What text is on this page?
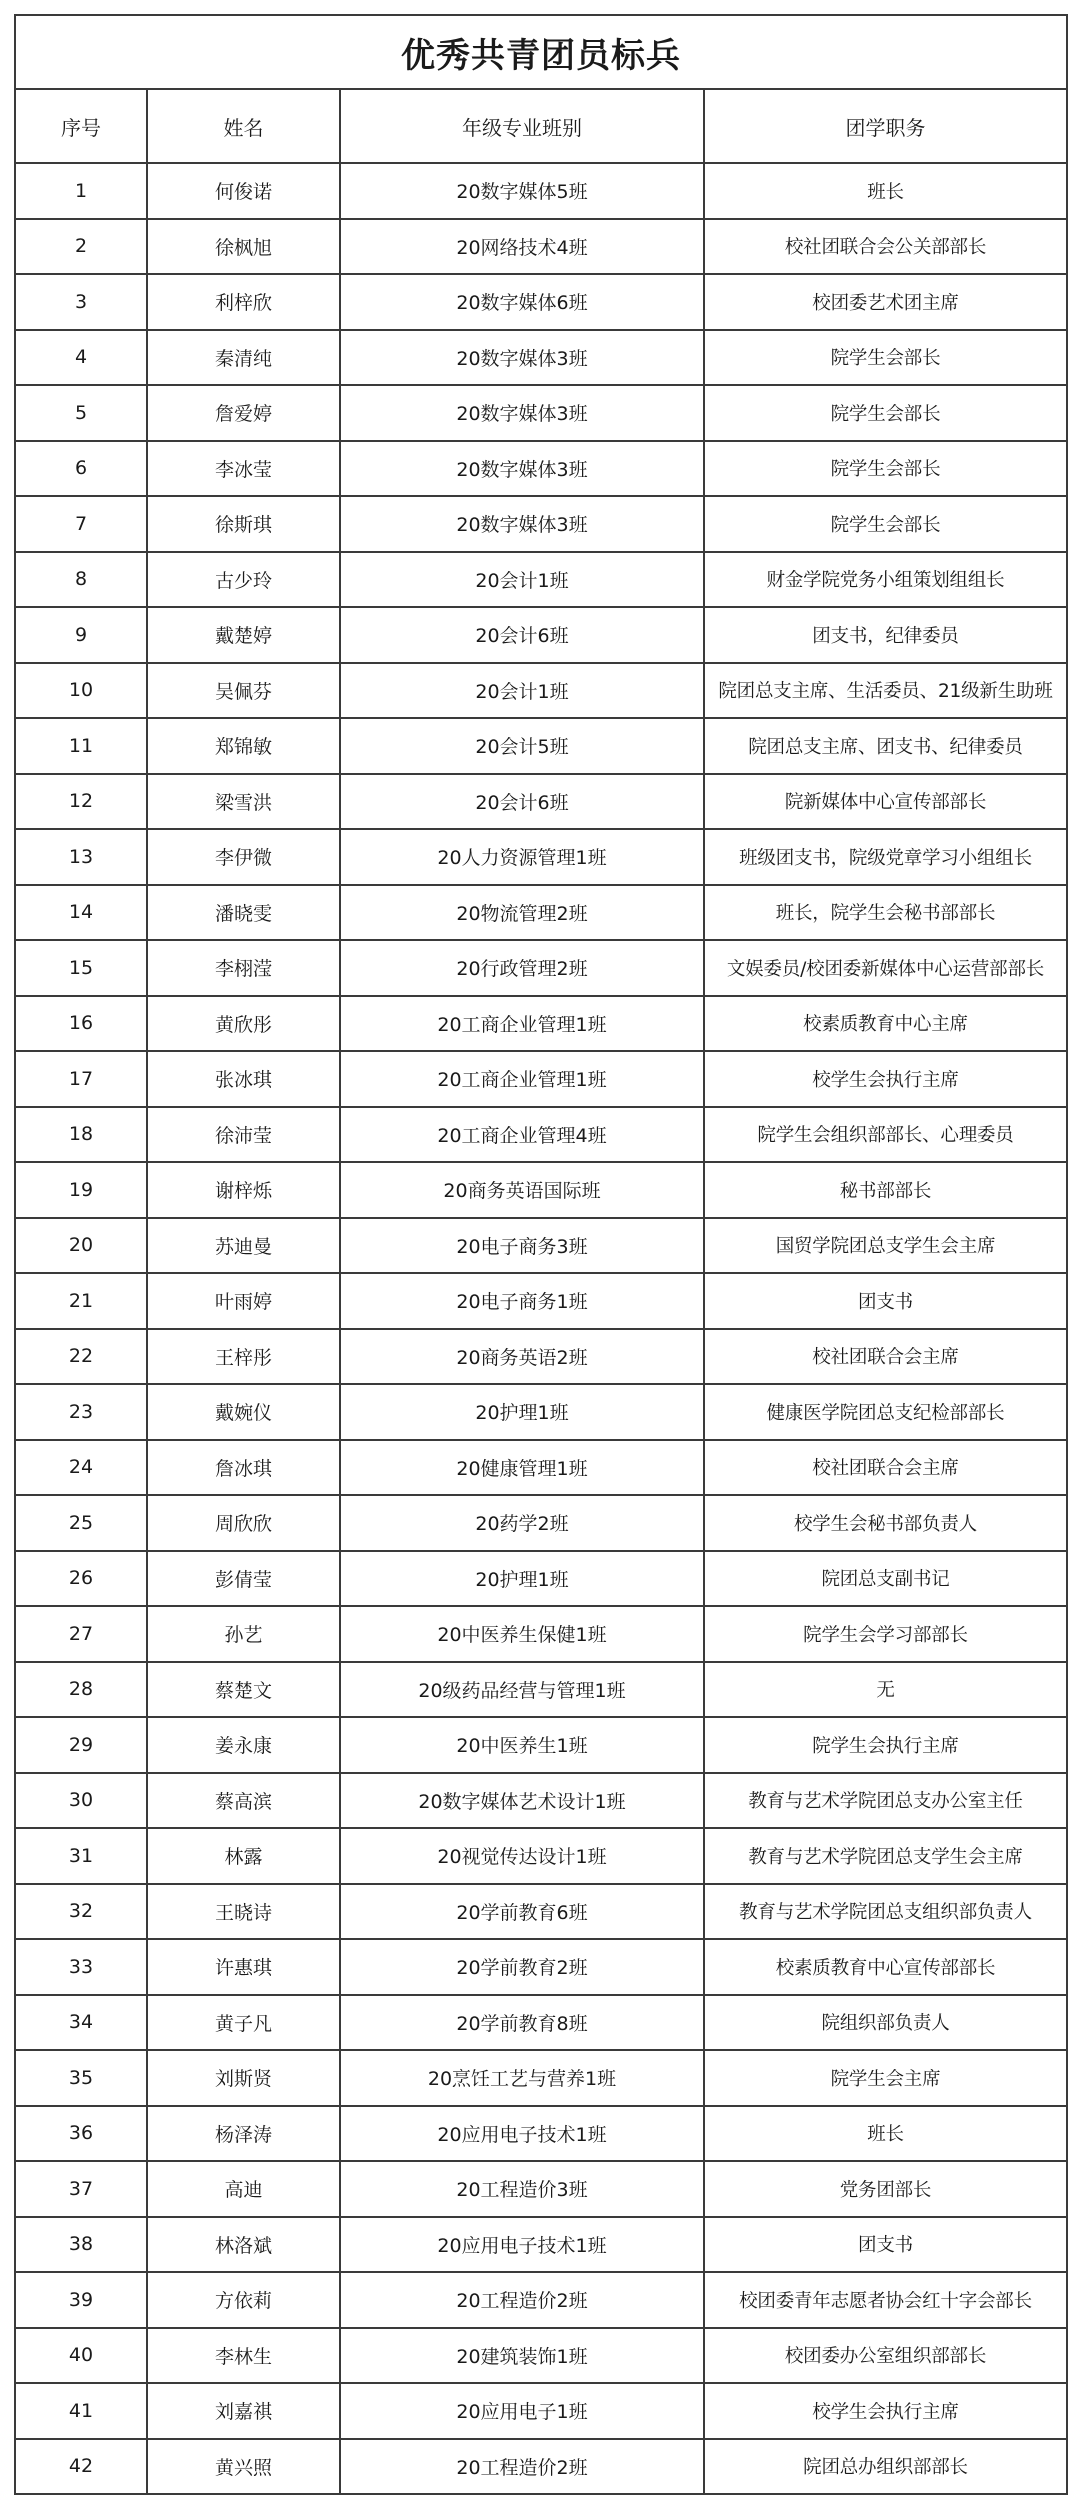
优秀共青团员标兵			
序号	姓名	年级专业班别	团学职务
1	何俊诺	20数字媒体5班	班长
2	徐枫旭	20网络技术4班	校社团联合会公关部部长
3	利梓欣	20数字媒体6班	校团委艺术团主席
4	秦清纯	20数字媒体3班	院学生会部长
5	詹爱婷	20数字媒体3班	院学生会部长
6	李冰莹	20数字媒体3班	院学生会部长
7	徐斯琪	20数字媒体3班	院学生会部长
8	古少玲	20会计1班	财金学院党务小组策划组组长
9	戴楚婷	20会计6班	团支书，纪律委员
10	吴佩芬	20会计1班	院团总支主席、生活委员、21级新生助班
11	郑锦敏	20会计5班	院团总支主席、团支书、纪律委员
12	梁雪洪	20会计6班	院新媒体中心宣传部部长
13	李伊微	20人力资源管理1班	班级团支书，院级党章学习小组组长
14	潘晓雯	20物流管理2班	班长，院学生会秘书部部长
15	李栩滢	20行政管理2班	文娱委员/校团委新媒体中心运营部部长
16	黄欣彤	20工商企业管理1班	校素质教育中心主席
17	张冰琪	20工商企业管理1班	校学生会执行主席
18	徐沛莹	20工商企业管理4班	院学生会组织部部长、心理委员
19	谢梓烁	20商务英语国际班	秘书部部长
20	苏迪曼	20电子商务3班	国贸学院团总支学生会主席
21	叶雨婷	20电子商务1班	团支书
22	王梓彤	20商务英语2班	校社团联合会主席
23	戴婉仪	20护理1班	健康医学院团总支纪检部部长
24	詹冰琪	20健康管理1班	校社团联合会主席
25	周欣欣	20药学2班	校学生会秘书部负责人
26	彭倩莹	20护理1班	院团总支副书记
27	孙艺	20中医养生保健1班	院学生会学习部部长
28	蔡楚文	20级药品经营与管理1班	无
29	姜永康	20中医养生1班	院学生会执行主席
30	蔡高滨	20数字媒体艺术设计1班	教育与艺术学院团总支办公室主任
31	林露	20视觉传达设计1班	教育与艺术学院团总支学生会主席
32	王晓诗	20学前教育6班	教育与艺术学院团总支组织部负责人
33	许惠琪	20学前教育2班	校素质教育中心宣传部部长
34	黄子凡	20学前教育8班	院组织部负责人
35	刘斯贤	20烹饪工艺与营养1班	院学生会主席
36	杨泽涛	20应用电子技术1班	班长
37	高迪	20工程造价3班	党务团部长
38	林洛斌	20应用电子技术1班	团支书
39	方依莉	20工程造价2班	校团委青年志愿者协会红十字会部长
40	李林生	20建筑装饰1班	校团委办公室组织部部长
41	刘嘉祺	20应用电子1班	校学生会执行主席
42	黄兴照	20工程造价2班	院团总办组织部部长
